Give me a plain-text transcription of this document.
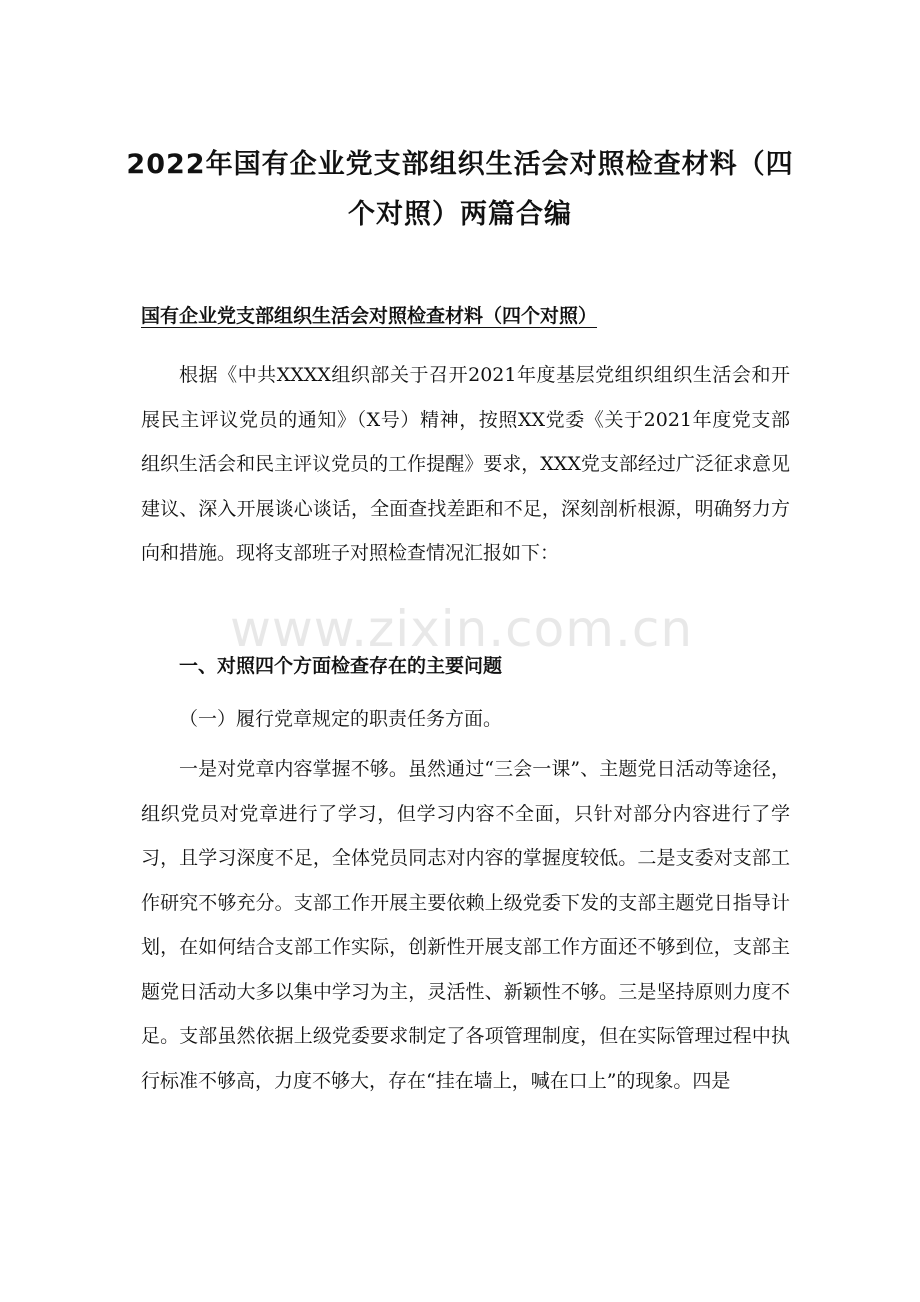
2022年国有企业党支部组织生活会对照检查材料（四
个对照）两篇合编

国有企业党支部组织生活会对照检查材料（四个对照）

根据《中共XXXX组织部关于召开2021年度基层党组织组织生活会和开展民主评议党员的通知》（X号）精神，按照XX党委《关于2021年度党支部组织生活会和民主评议党员的工作提醒》要求，XXX党支部经过广泛征求意见建议、深入开展谈心谈话，全面查找差距和不足，深刻剖析根源，明确努力方向和措施。现将支部班子对照检查情况汇报如下：

一、对照四个方面检查存在的主要问题

（一）履行党章规定的职责任务方面。

一是对党章内容掌握不够。虽然通过“三会一课”、主题党日活动等途径，组织党员对党章进行了学习，但学习内容不全面，只针对部分内容进行了学习，且学习深度不足，全体党员同志对内容的掌握度较低。二是支委对支部工作研究不够充分。支部工作开展主要依赖上级党委下发的支部主题党日指导计划，在如何结合支部工作实际，创新性开展支部工作方面还不够到位，支部主题党日活动大多以集中学习为主，灵活性、新颖性不够。三是坚持原则力度不足。支部虽然依据上级党委要求制定了各项管理制度，但在实际管理过程中执行标准不够高，力度不够大，存在“挂在墙上，喊在口上”的现象。四是

www.zixin.com.cn
